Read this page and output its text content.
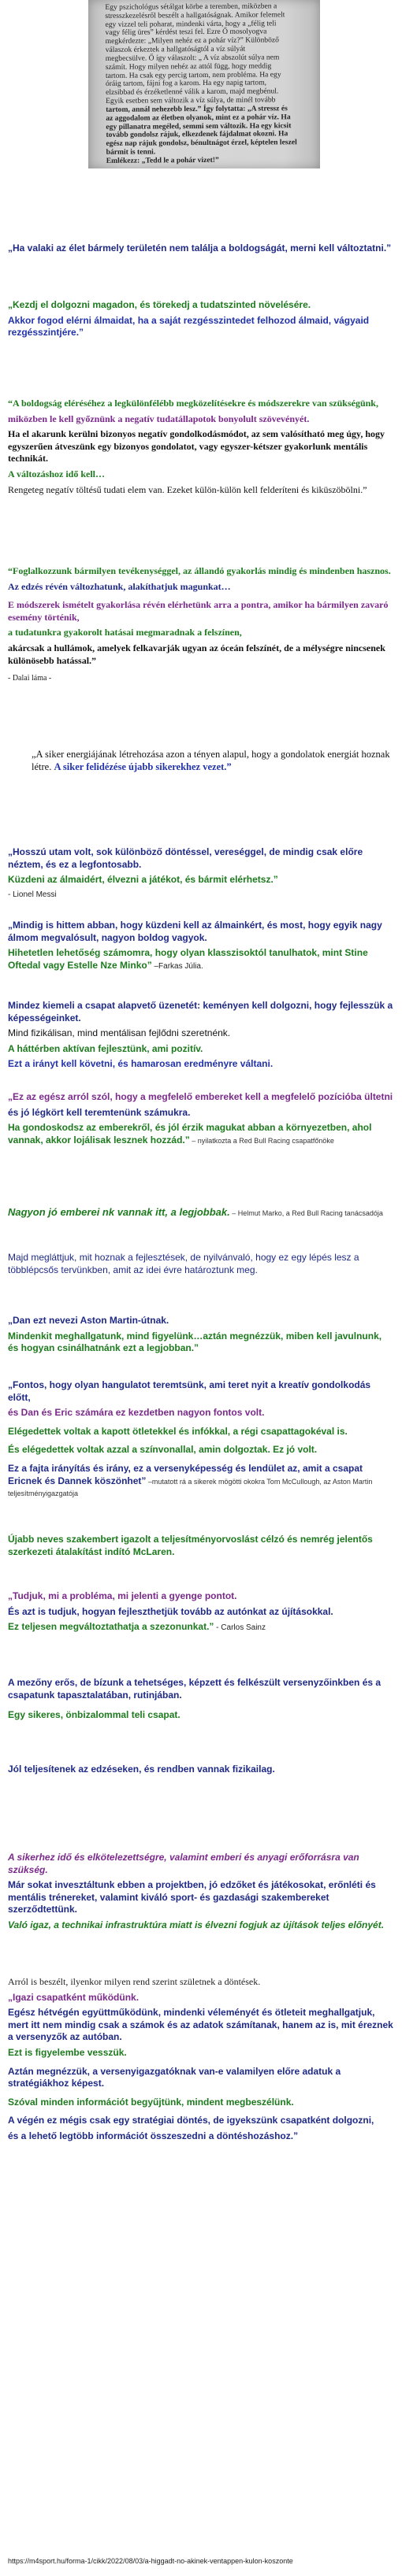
Egy pszichológus sétálgat körbe a teremben, miközben a
stresszkezelésről beszélt a hallgatóságnak. Amikor felemelt
egy vizzel teli poharat, mindenki várta, hogy a „félig teli
vagy félig üres” kérdést teszi fel. Ezre Ő mosolyogva
megkérdezte: „Milyen nehéz ez a pohár víz?” Különböző
válaszok érkeztek a hallgatóságtól a víz súlyát
megbecsülve. Ő így válaszolt: „ A víz abszolút súlya nem
számít. Hogy milyen nehéz az attól függ, hogy meddig
tartom. Ha csak egy percig tartom, nem probléma. Ha egy
óráig tartom, fájni fog a karom. Ha egy napig tartom,
elzsibbad és érzéketlenné válik a karom, majd megbénul.
Egyik esetben sem változik a víz súlya, de minél tovább
tartom, annál nehezebb lesz.” Így folytatta: „A stressz és
az aggodalom az életben olyanok, mint ez a pohár víz. Ha
egy pillanatra megéled, semmi sem változik. Ha egy kicsit
tovább gondolsz rájuk, elkezdenek fájdalmat okozni. Ha
egész nap rájuk gondolsz, bénultnágot érzel, képtelen leszel
bármit is tenni.
Emlékezz: „Tedd le a pohár vizet!”

„Ha valaki az élet bármely területén nem találja a boldogságát, merni kell változtatni.”

„Kezdj el dolgozni magadon, és törekedj a tudatszinted növelésére.

Akkor fogod elérni álmaidat, ha a saját rezgésszintedet felhozod álmaid, vágyaid rezgésszintjére.”

“A boldogság eléréséhez a legkülönfélébb megközelítésekre és módszerekre van szükségünk,

miközben le kell győznünk a negatív tudatállapotok bonyolult szövevényét.

Ha el akarunk kerülni bizonyos negatív gondolkodásmódot, az sem valósítható meg úgy, hogy egyszerűen átveszünk egy bizonyos gondolatot, vagy egyszer-kétszer gyakorlunk mentális technikát.

A változáshoz idő kell…

Rengeteg negatív töltésű tudati elem van. Ezeket külön-külön kell felderíteni és kiküszöbölni.”

“Foglalkozzunk bármilyen tevékenységgel, az állandó gyakorlás mindig és mindenben hasznos.

Az edzés révén változhatunk, alakíthatjuk magunkat…

E módszerek ismételt gyakorlása révén elérhetünk arra a pontra, amikor ha bármilyen zavaró esemény történik,

a tudatunkra gyakorolt hatásai megmaradnak a felszínen,

akárcsak a hullámok, amelyek felkavarják ugyan az óceán felszínét, de a mélységre nincsenek különösebb hatással.”

- Dalai láma -

„A siker energiájának létrehozása azon a tényen alapul, hogy a gondolatok energiát hoznak létre. A siker felidézése újabb sikerekhez vezet.”

„Hosszú utam volt, sok különböző döntéssel, vereséggel, de mindig csak előre néztem, és ez a legfontosabb.

Küzdeni az álmaidért, élvezni a játékot, és bármit elérhetsz.”

- Lionel Messi

„Mindig is hittem abban, hogy küzdeni kell az álmainkért, és most, hogy egyik nagy álmom megvalósult, nagyon boldog vagyok.

Hihetetlen lehetőség számomra, hogy olyan klasszisoktól tanulhatok, mint Stine Oftedal vagy Estelle Nze Minko” –Farkas Júlia.

Mindez kiemeli a csapat alapvető üzenetét: keményen kell dolgozni, hogy fejlesszük a képességeinket.

Mind fizikálisan, mind mentálisan fejlődni szeretnénk.

A háttérben aktívan fejlesztünk, ami pozitív.

Ezt a irányt kell követni, és hamarosan eredményre váltani.

„Ez az egész arról szól, hogy a megfelelő embereket kell a megfelelő pozícióba ültetni

és jó légkört kell teremtenünk számukra.

Ha gondoskodsz az emberekről, és jól érzik magukat abban a környezetben, ahol vannak, akkor lojálisak lesznek hozzád.” – nyilatkozta a Red Bull Racing csapatfőnöke

Nagyon jó emberei nk vannak itt, a legjobbak. – Helmut Marko, a Red Bull Racing tanácsadója

Majd megláttjuk, mit hoznak a fejlesztések, de nyilvánvaló, hogy ez egy lépés lesz a többlépcsős tervünkben, amit az idei évre határoztunk meg.

„Dan ezt nevezi Aston Martin-útnak.

Mindenkit meghallgatunk, mind figyelünk…aztán megnézzük, miben kell javulnunk, és hogyan csinálhatnánk ezt a legjobban.”

„Fontos, hogy olyan hangulatot teremtsünk, ami teret nyit a kreatív gondolkodás előtt,

és Dan és Eric számára ez kezdetben nagyon fontos volt.

Elégedettek voltak a kapott ötletekkel és infókkal, a régi csapattagokéval is.

És elégedettek voltak azzal a színvonallal, amin dolgoztak. Ez jó volt.

Ez a fajta irányítás és irány, ez a versenyképesség és lendület az, amit a csapat Ericnek és Dannek köszönhet” –mutatott rá a sikerek mögötti okokra Tom McCullough, az Aston Martin teljesítményigazgatója

Újabb neves szakembert igazolt a teljesítményorvoslást célzó és nemrég jelentős szerkezeti átalakítást indító McLaren.

„Tudjuk, mi a probléma, mi jelenti a gyenge pontot.

És azt is tudjuk, hogyan fejleszthetjük tovább az autónkat az újításokkal.

Ez teljesen megváltoztathatja a szezonunkat.” - Carlos Sainz

A mezőny erős, de bízunk a tehetséges, képzett és felkészült versenyzőinkben és a csapatunk tapasztalatában, rutinjában.

Egy sikeres, önbizalommal teli csapat.

Jól teljesítenek az edzéseken, és rendben vannak fizikailag.

A sikerhez idő és elkötelezettségre, valamint emberi és anyagi erőforrásra van szükség.

Már sokat invesztáltunk ebben a projektben, jó edzőket és játékosokat, erőnléti és mentális trénereket, valamint kiváló sport- és gazdasági szakembereket szerződtettünk.

Való igaz, a technikai infrastruktúra miatt is élvezni fogjuk az újítások teljes előnyét.

Arról is beszélt, ilyenkor milyen rend szerint születnek a döntések.

„Igazi csapatként működünk.

Egész hétvégén együttműködünk, mindenki véleményét és ötleteit meghallgatjuk, mert itt nem mindig csak a számok és az adatok számítanak, hanem az is, mit éreznek a versenyzők az autóban.

Ezt is figyelembe vesszük.

Aztán megnézzük, a versenyigazgatóknak van-e valamilyen előre adatuk a stratégiákhoz képest.

Szóval minden információt begyűjtünk, mindent megbeszélünk.

A végén ez mégis csak egy stratégiai döntés, de igyekszünk csapatként dolgozni,

és a lehető legtöbb információt összeszedni a döntéshozáshoz.”

https://m4sport.hu/forma-1/cikk/2022/08/03/a-higgadt-no-akinek-ventappen-kulon-koszonte
